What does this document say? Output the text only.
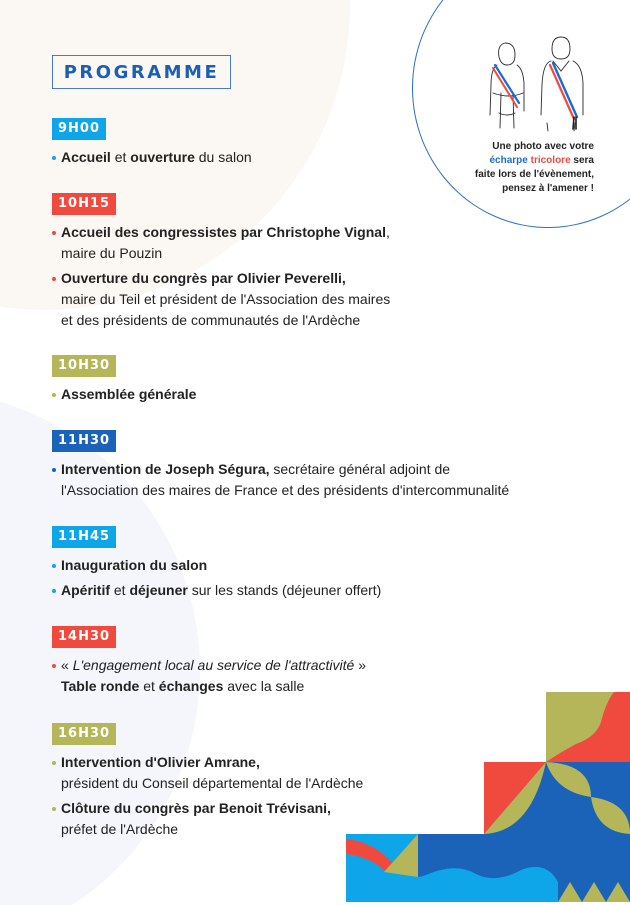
PROGRAMME
Une photo avec votre
écharpe tricolore sera
faite lors de l'évènement,
pensez à l'amener !
9H00
Accueil et ouverture du salon
10H15
Accueil des congressistes par Christophe Vignal,
maire du Pouzin
Ouverture du congrès par Olivier Peverelli,
maire du Teil et président de l'Association des maires
et des présidents de communautés de l'Ardèche
10H30
Assemblée générale
11H30
Intervention de Joseph Ségura, secrétaire général adjoint de
l'Association des maires de France et des présidents d'intercommunalité
11H45
Inauguration du salon
Apéritif et déjeuner sur les stands (déjeuner offert)
14H30
« L'engagement local au service de l'attractivité »
Table ronde et échanges avec la salle
16H30
Intervention d'Olivier Amrane,
président du Conseil départemental de l'Ardèche
Clôture du congrès par Benoit Trévisani,
préfet de l'Ardèche
